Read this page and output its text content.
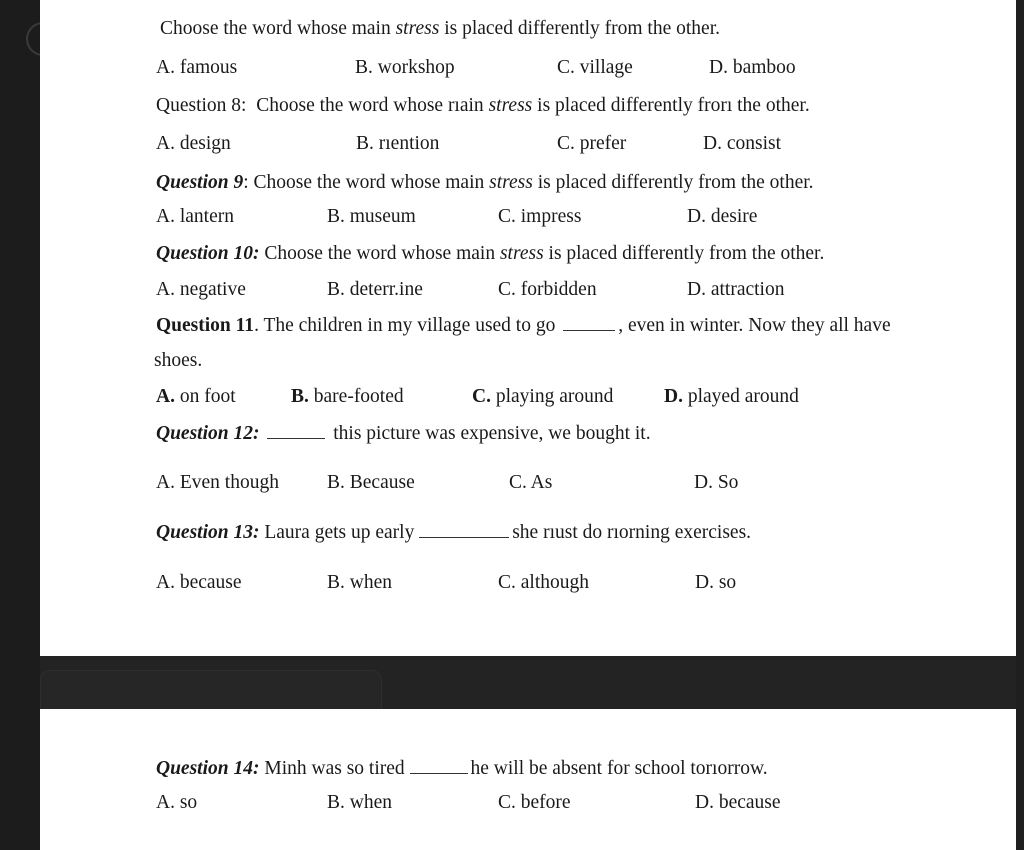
Choose the word whose main stress is placed differently from the other.
A. famous	B. workshop	C. village	D. bamboo
Question 8: Choose the word whose rıain stress is placed differently frorı the other.
A. design	B. rıention	C. prefer	D. consist
Question 9: Choose the word whose main stress is placed differently from the other.
A. lantern	B. museum	C. impress	D. desire
Question 10: Choose the word whose main stress is placed differently from the other.
A. negative	B. deterr.ine	C. forbidden	D. attraction
Question 11. The children in my village used to go	, even in winter. Now they all have
shoes.
A. on foot	B. bare-footed	C. playing around	D. played around
Question 12:	this picture was expensive, we bought it.
A. Even though B. Because	C. As	D. So
Question 13: Laura gets up early	she rıust do rıorning exercises.
A. because	B. when	C. although	D. so
Question 14: Minh was so tired	he will be absent for school torıorrow.
A. so	B. when	C. before	D. because
